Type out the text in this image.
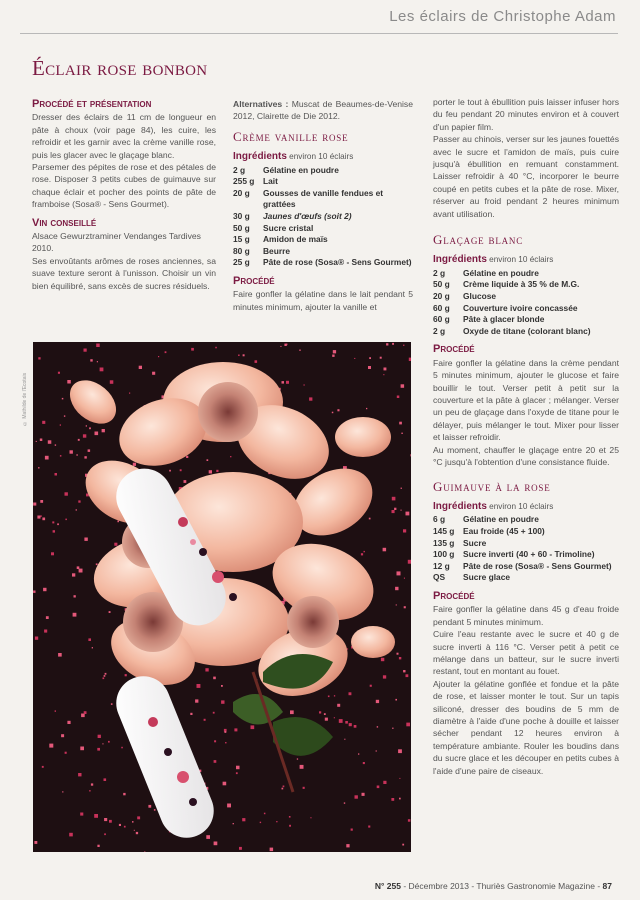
Les éclairs de Christophe Adam
Éclair rose bonbon
Procédé et présentation

Dresser des éclairs de 11 cm de longueur en pâte à choux (voir page 84), les cuire, les refroidir et les garnir avec la crème vanille rose, puis les glacer avec le glaçage blanc.

Parsemer des pépites de rose et des pétales de rose. Disposer 3 petits cubes de guimauve sur chaque éclair et pocher des points de pâte de framboise (Sosa® - Sens Gourmet).

Vin conseillé

Alsace Gewurztraminer Vendanges Tardives 2010.

Ses envoûtants arômes de roses anciennes, sa suave texture seront à l'unisson. Choisir un vin bien équilibré, sans excès de sucres résiduels.

Alternatives : Muscat de Beaumes-de-Venise 2012, Clairette de Die 2012.

Crème vanille rose
Ingrédients environ 10 éclairs
2 g	Gélatine en poudre
255 g	Lait
20 g	Gousses de vanille fendues et grattées
30 g	Jaunes d'œufs (soit 2)
50 g	Sucre cristal
15 g	Amidon de maïs
80 g	Beurre
25 g	Pâte de rose (Sosa® - Sens Gourmet)
Procédé

Faire gonfler la gélatine dans le lait pendant 5 minutes minimum, ajouter la vanille et

porter le tout à ébullition puis laisser infuser hors du feu pendant 20 minutes environ et à couvert d'un papier film.

Passer au chinois, verser sur les jaunes fouettés avec le sucre et l'amidon de maïs, puis cuire jusqu'à ébullition en remuant constamment. Laisser refroidir à 40 °C, incorporer le beurre coupé en petits cubes et la pâte de rose. Mixer, réserver au froid pendant 2 heures minimum avant utilisation.

Glaçage blanc
Ingrédients environ 10 éclairs
2 g	Gélatine en poudre
50 g	Crème liquide à 35 % de M.G.
20 g	Glucose
60 g	Couverture ivoire concassée
60 g	Pâte à glacer blonde
2 g	Oxyde de titane (colorant blanc)
Procédé

Faire gonfler la gélatine dans la crème pendant 5 minutes minimum, ajouter le glucose et faire bouillir le tout. Verser petit à petit sur la couverture et la pâte à glacer ; mélanger. Verser un peu de glaçage dans l'oxyde de titane pour le délayer, puis mélanger le tout. Mixer pour lisser et laisser refroidir.

Au moment, chauffer le glaçage entre 20 et 25 °C jusqu'à l'obtention d'une consistance fluide.

Guimauve à la rose
Ingrédients environ 10 éclairs
6 g	Gélatine en poudre
145 g	Eau froide (45 + 100)
135 g	Sucre
100 g	Sucre inverti (40 + 60 - Trimoline)
12 g	Pâte de rose (Sosa® - Sens Gourmet)
QS	Sucre glace
Procédé

Faire gonfler la gélatine dans 45 g d'eau froide pendant 5 minutes minimum.

Cuire l'eau restante avec le sucre et 40 g de sucre inverti à 116 °C. Verser petit à petit ce mélange dans un batteur, sur le sucre inverti restant, tout en montant au fouet.

Ajouter la gélatine gonflée et fondue et la pâte de rose, et laisser monter le tout. Sur un tapis siliconé, dresser des boudins de 5 mm de diamètre à l'aide d'une poche à douille et laisser sécher pendant 12 heures environ à température ambiante. Rouler les boudins dans du sucre glace et les découper en petits cubes à l'aide d'une paire de ciseaux.

© Mathilde de l'Ecotais
N° 255 - Décembre 2013 - Thuriès Gastronomie Magazine - 87
